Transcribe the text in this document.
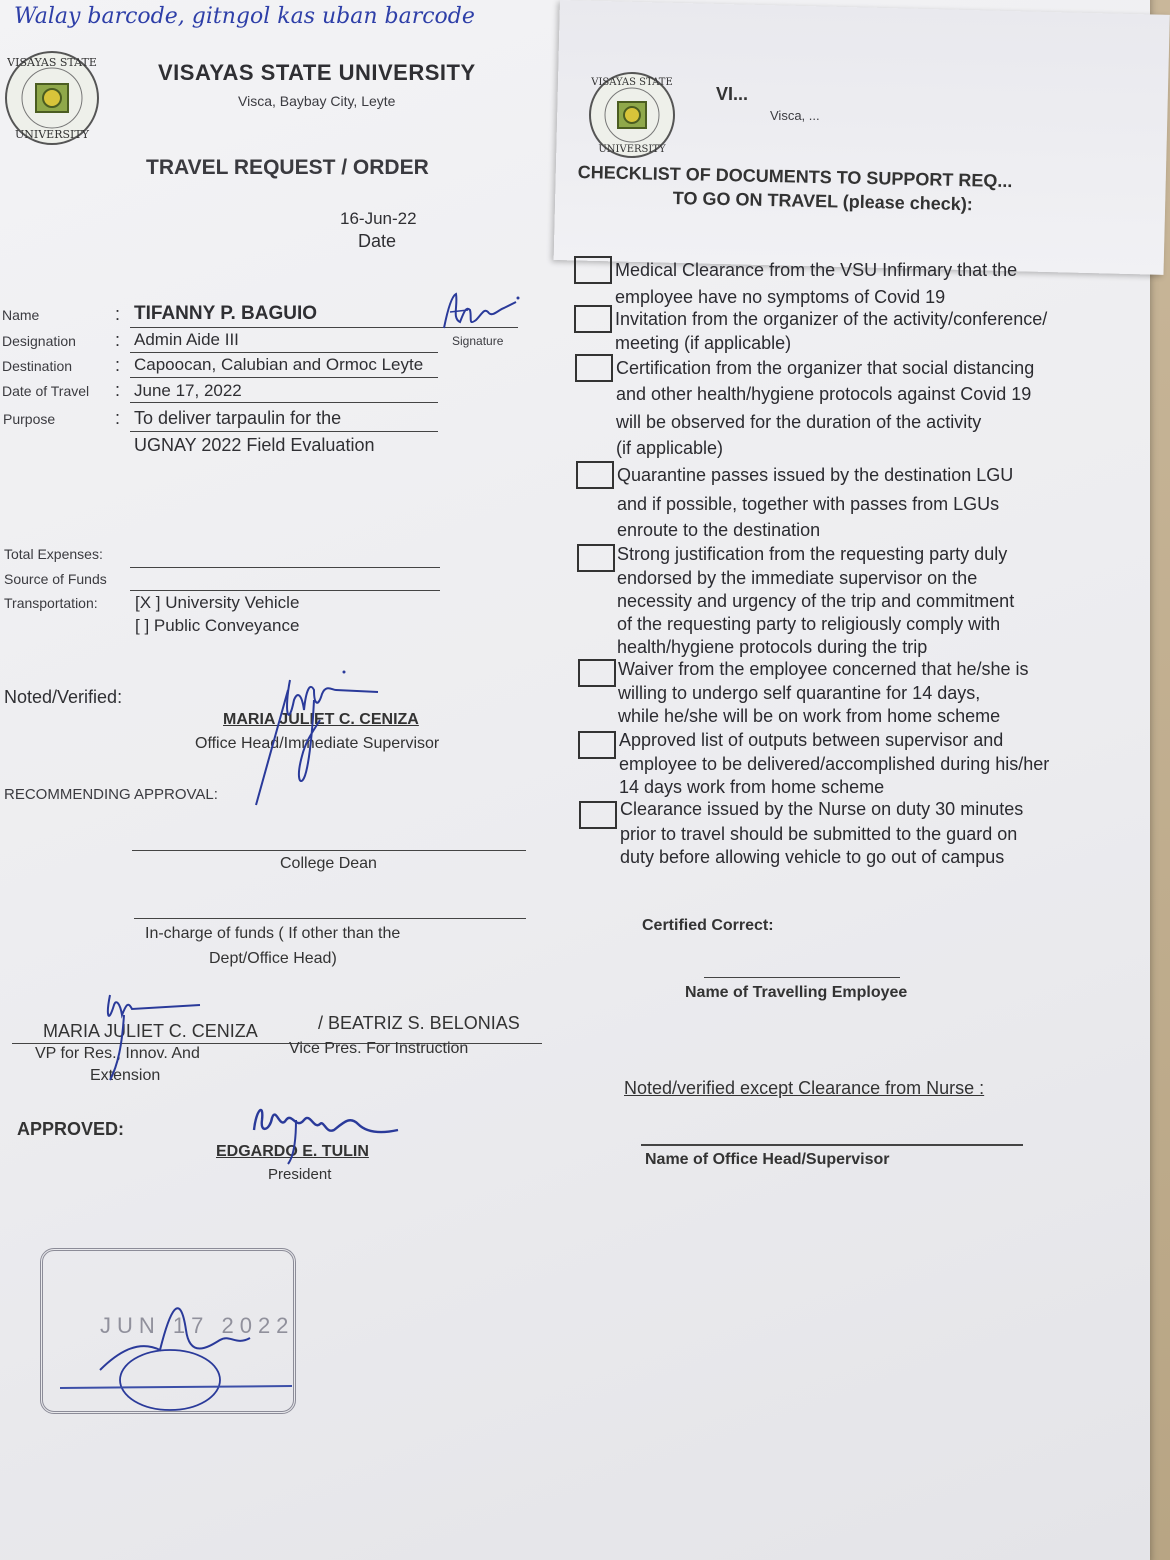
Walay barcode, gitngol kas uban barcode
VISAYAS STATE
UNIVERSITY
VISAYAS STATE UNIVERSITY
Visca, Baybay City, Leyte
TRAVEL REQUEST / ORDER
16-Jun-22
Date
Name	: TIFANNY P. BAGUIO
Designation : Admin Aide III	Signature
Destination : Capoocan, Calubian and Ormoc Leyte
Date of Travel : June 17, 2022
Purpose	: To deliver tarpaulin for the
UGNAY 2022 Field Evaluation
Total Expenses:
Source of Funds
Transportation: [X ] University Vehicle
[ ] Public Conveyance
Noted/Verified:
MARIA JULIET C. CENIZA
Office Head/Immediate Supervisor
RECOMMENDING APPROVAL:
College Dean
In-charge of funds ( If other than the
Dept/Office Head)
MARIA JULIET C. CENIZA	/ BEATRIZ S. BELONIAS
VP for Res., Innov. And
Extension
Vice Pres. For Instruction
APPROVED:
EDGARDO E. TULIN
President
JUN 17 2022
VISAYAS STATE
UNIVERSITY
VI...
Visca, ...
CHECKLIST OF DOCUMENTS TO SUPPORT REQ...
TO GO ON TRAVEL (please check):
Medical Clearance from the VSU Infirmary that the
employee have no symptoms of Covid 19
Invitation from the organizer of the activity/conference/
meeting (if applicable)
Certification from the organizer that social distancing
and other health/hygiene protocols against Covid 19
will be observed for the duration of the activity
(if applicable)
Quarantine passes issued by the destination LGU
and if possible, together with passes from LGUs
enroute to the destination
Strong justification from the requesting party duly
endorsed by the immediate supervisor on the
necessity and urgency of the trip and commitment
of the requesting party to religiously comply with
health/hygiene protocols during the trip
Waiver from the employee concerned that he/she is
willing to undergo self quarantine for 14 days,
while he/she will be on work from home scheme
Approved list of outputs between supervisor and
employee to be delivered/accomplished during his/her
14 days work from home scheme
Clearance issued by the Nurse on duty 30 minutes
prior to travel should be submitted to the guard on
duty before allowing vehicle to go out of campus
Certified Correct:
Name of Travelling Employee
Noted/verified except Clearance from Nurse :
Name of Office Head/Supervisor
